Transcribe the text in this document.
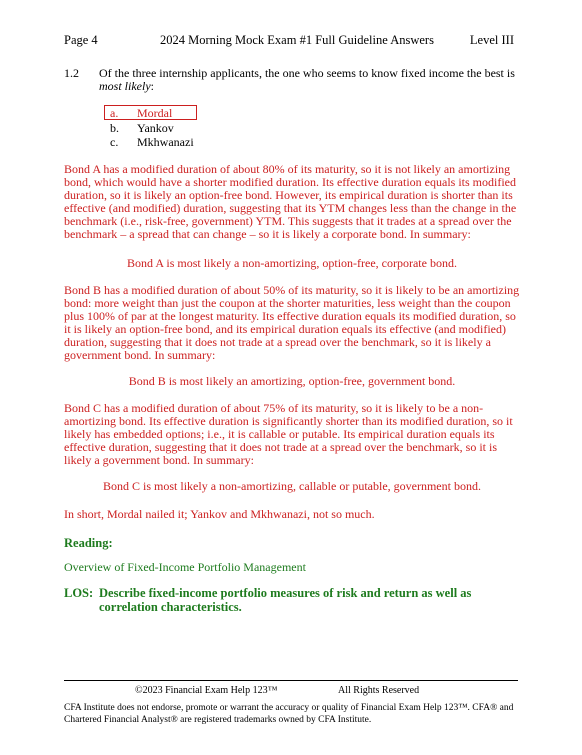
Page 4	2024 Morning Mock Exam #1 Full Guideline Answers	Level III
1.2 Of the three internship applicants, the one who seems to know fixed income the best is most likely:
a. Mordal
b. Yankov
c. Mkhwanazi
Bond A has a modified duration of about 80% of its maturity, so it is not likely an amortizing bond, which would have a shorter modified duration. Its effective duration equals its modified duration, so it is likely an option-free bond. However, its empirical duration is shorter than its effective (and modified) duration, suggesting that its YTM changes less than the change in the benchmark (i.e., risk-free, government) YTM. This suggests that it trades at a spread over the benchmark – a spread that can change – so it is likely a corporate bond. In summary:
Bond A is most likely a non-amortizing, option-free, corporate bond.
Bond B has a modified duration of about 50% of its maturity, so it is likely to be an amortizing bond: more weight than just the coupon at the shorter maturities, less weight than the coupon plus 100% of par at the longest maturity. Its effective duration equals its modified duration, so it is likely an option-free bond, and its empirical duration equals its effective (and modified) duration, suggesting that it does not trade at a spread over the benchmark, so it is likely a government bond. In summary:
Bond B is most likely an amortizing, option-free, government bond.
Bond C has a modified duration of about 75% of its maturity, so it is likely to be a non-amortizing bond. Its effective duration is significantly shorter than its modified duration, so it likely has embedded options; i.e., it is callable or putable. Its empirical duration equals its effective duration, suggesting that it does not trade at a spread over the benchmark, so it is likely a government bond. In summary:
Bond C is most likely a non-amortizing, callable or putable, government bond.
In short, Mordal nailed it; Yankov and Mkhwanazi, not so much.
Reading:
Overview of Fixed-Income Portfolio Management
LOS: Describe fixed-income portfolio measures of risk and return as well as correlation characteristics.
©2023 Financial Exam Help 123™	All Rights Reserved
CFA Institute does not endorse, promote or warrant the accuracy or quality of Financial Exam Help 123™. CFA® and Chartered Financial Analyst® are registered trademarks owned by CFA Institute.
